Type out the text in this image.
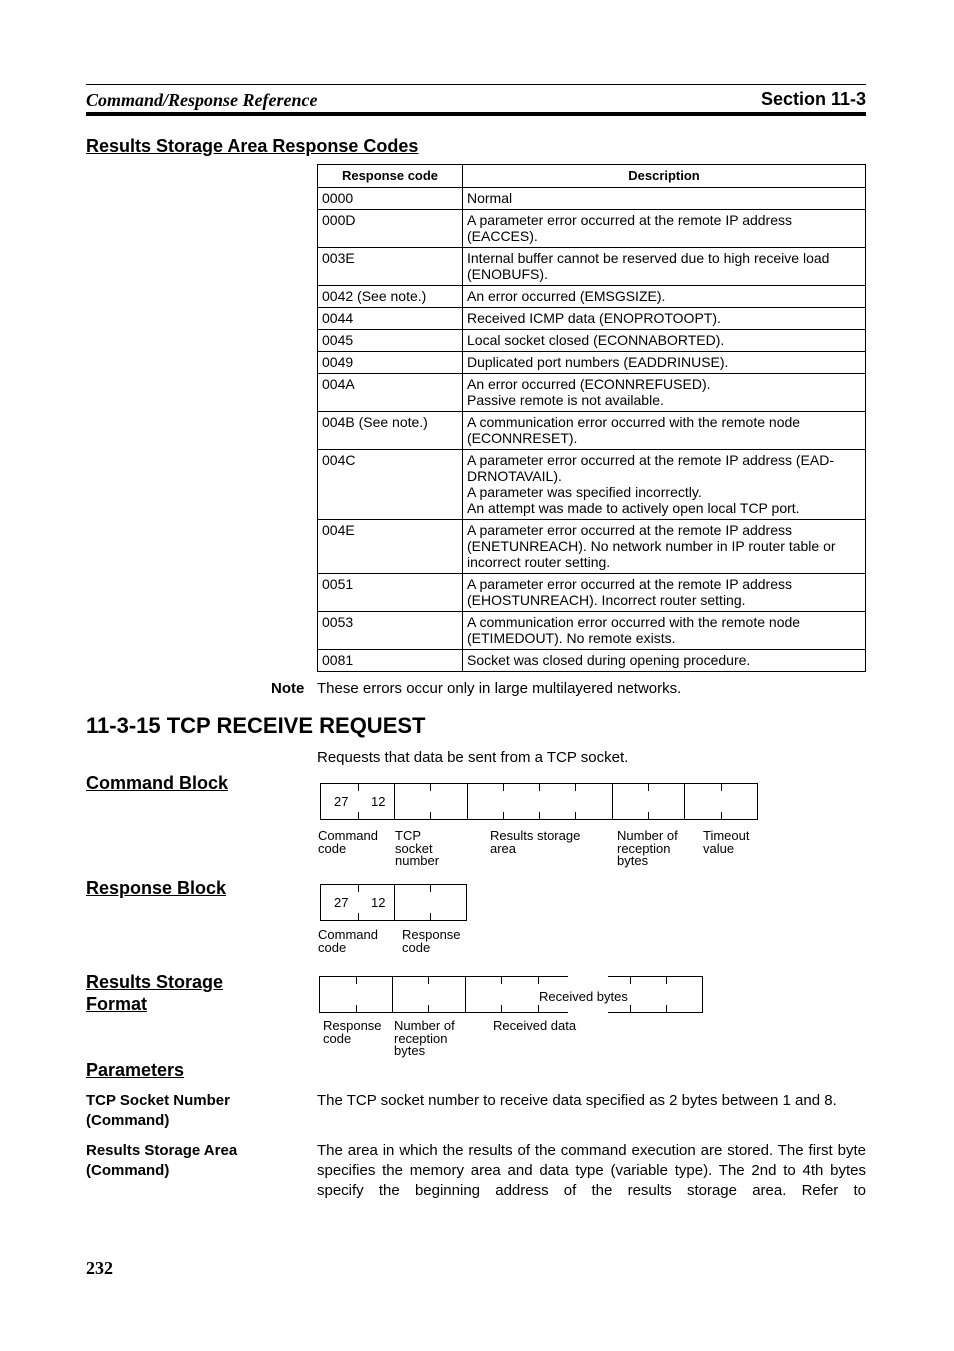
Command/Response Reference	Section 11-3
Results Storage Area Response Codes
Response code	Description
0000	Normal

000D	A parameter error occurred at the remote IP address
(EACCES).

003E	Internal buffer cannot be reserved due to high receive load
(ENOBUFS).

0042 (See note.)	An error occurred (EMSGSIZE).

0044	Received ICMP data (ENOPROTOOPT).

0045	Local socket closed (ECONNABORTED).

0049	Duplicated port numbers (EADDRINUSE).

004A	An error occurred (ECONNREFUSED).
Passive remote is not available.

004B (See note.)	A communication error occurred with the remote node
(ECONNRESET).

004C	A parameter error occurred at the remote IP address (EAD-
DRNOTAVAIL).
A parameter was specified incorrectly.
An attempt was made to actively open local TCP port.

004E	A parameter error occurred at the remote IP address
(ENETUNREACH). No network number in IP router table or
incorrect router setting.

0051	A parameter error occurred at the remote IP address
(EHOSTUNREACH). Incorrect router setting.

0053	A communication error occurred with the remote node
(ETIMEDOUT). No remote exists.

0081	Socket was closed during opening procedure.
Note These errors occur only in large multilayered networks.
11-3-15 TCP RECEIVE REQUEST
Requests that data be sent from a TCP socket.
Command Block
27 12
Command
code
TCP
socket
number
Results storage
area
Number of
reception
bytes
Timeout
value
Response Block
27 12
Command
code
Response
code
Results Storage
Format	Received bytes
Response
code
Number of
reception
bytes
Received data
Parameters
TCP Socket Number
(Command)
The TCP socket number to receive data specified as 2 bytes between 1 and 8.
Results Storage Area
(Command)
The area in which the results of the command execution are stored. The first byte specifies the memory area and data type (variable type). The 2nd to 4th bytes specify the beginning address of the results storage area. Refer to
232
